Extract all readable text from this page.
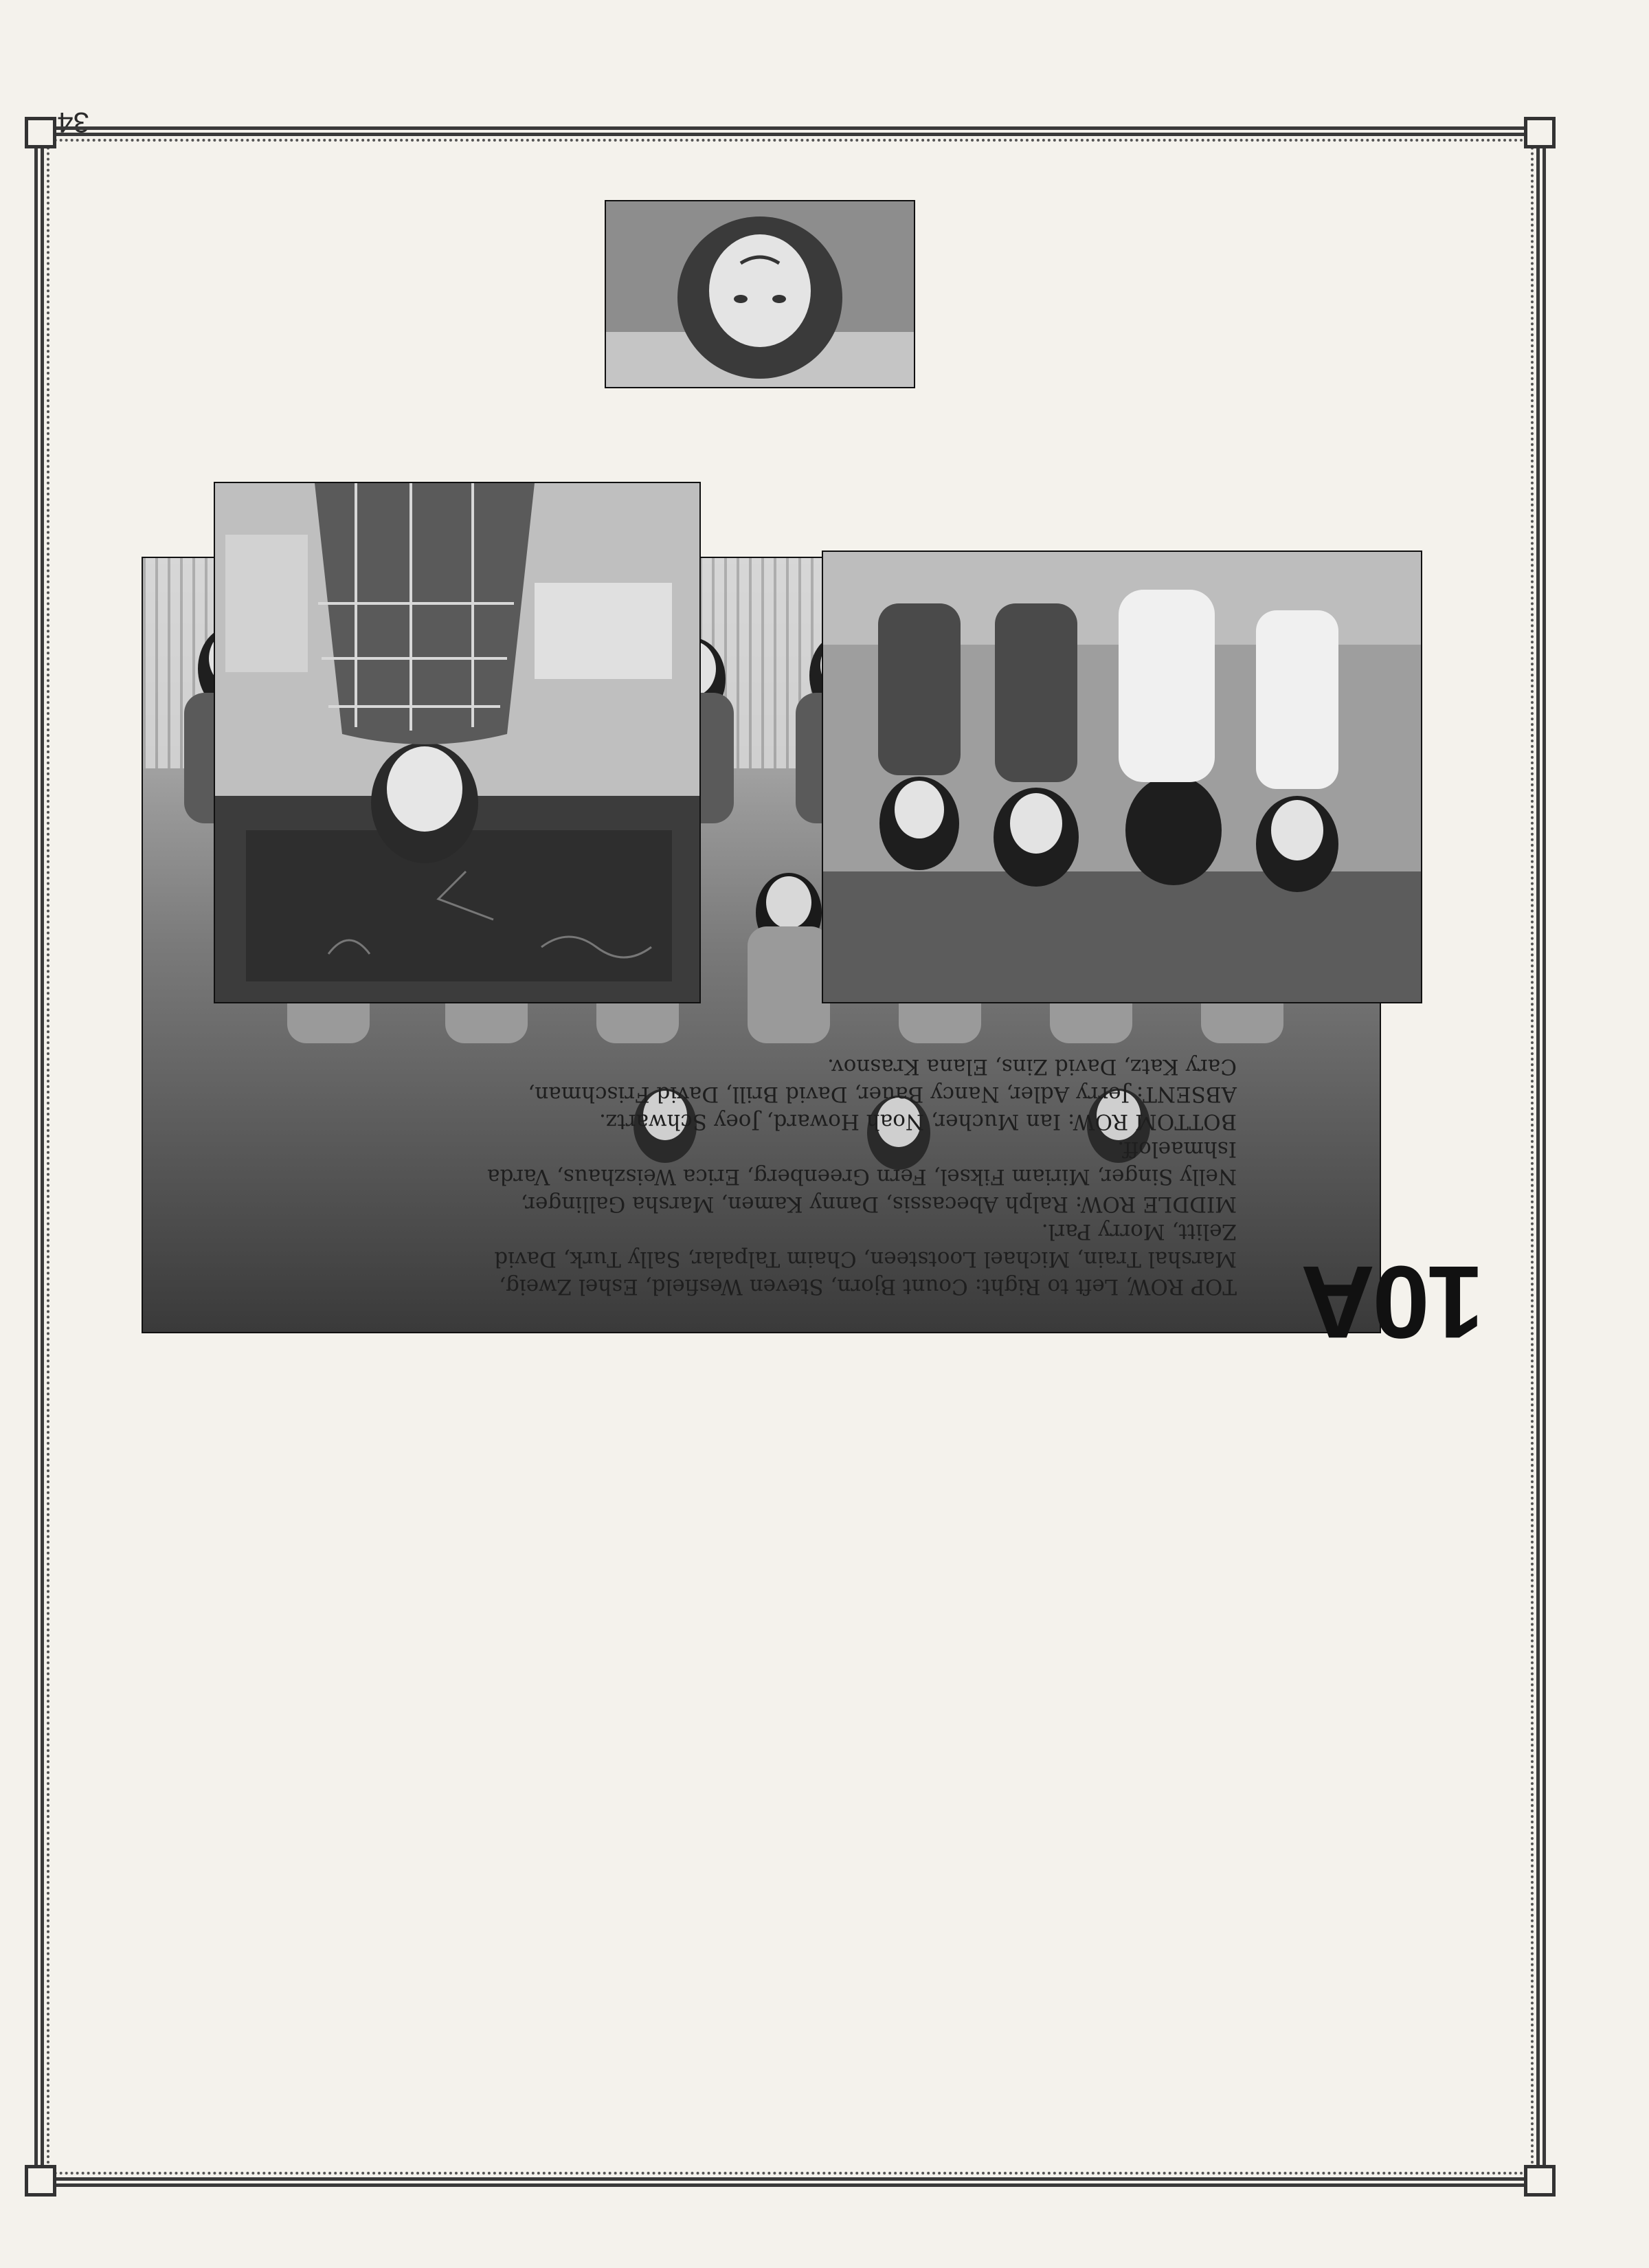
34
10A

TOP ROW, Left to Right: Count Bjorn, Steven Wesfield, Eshel Zweig, Marshal Train, Michael Lootsteen, Chaim Talpalar, Sally Turk, David Zelitt, Morry Parl.

MIDDLE ROW: Ralph Abecassis, Danny Kamen, Marsha Gallinger, Nelly Singer, Miriam Fiksel, Fern Greenberg, Erica Weiszhaus, Varda Ishmaeloff.

BOTTOM ROW: Ian Mucher, Noah Howard, Joey Schwartz.

ABSENT: Jerry Adler, Nancy Bauer, David Brill, David Frischman, Cary Katz, David Zins, Elana Krasnov.
